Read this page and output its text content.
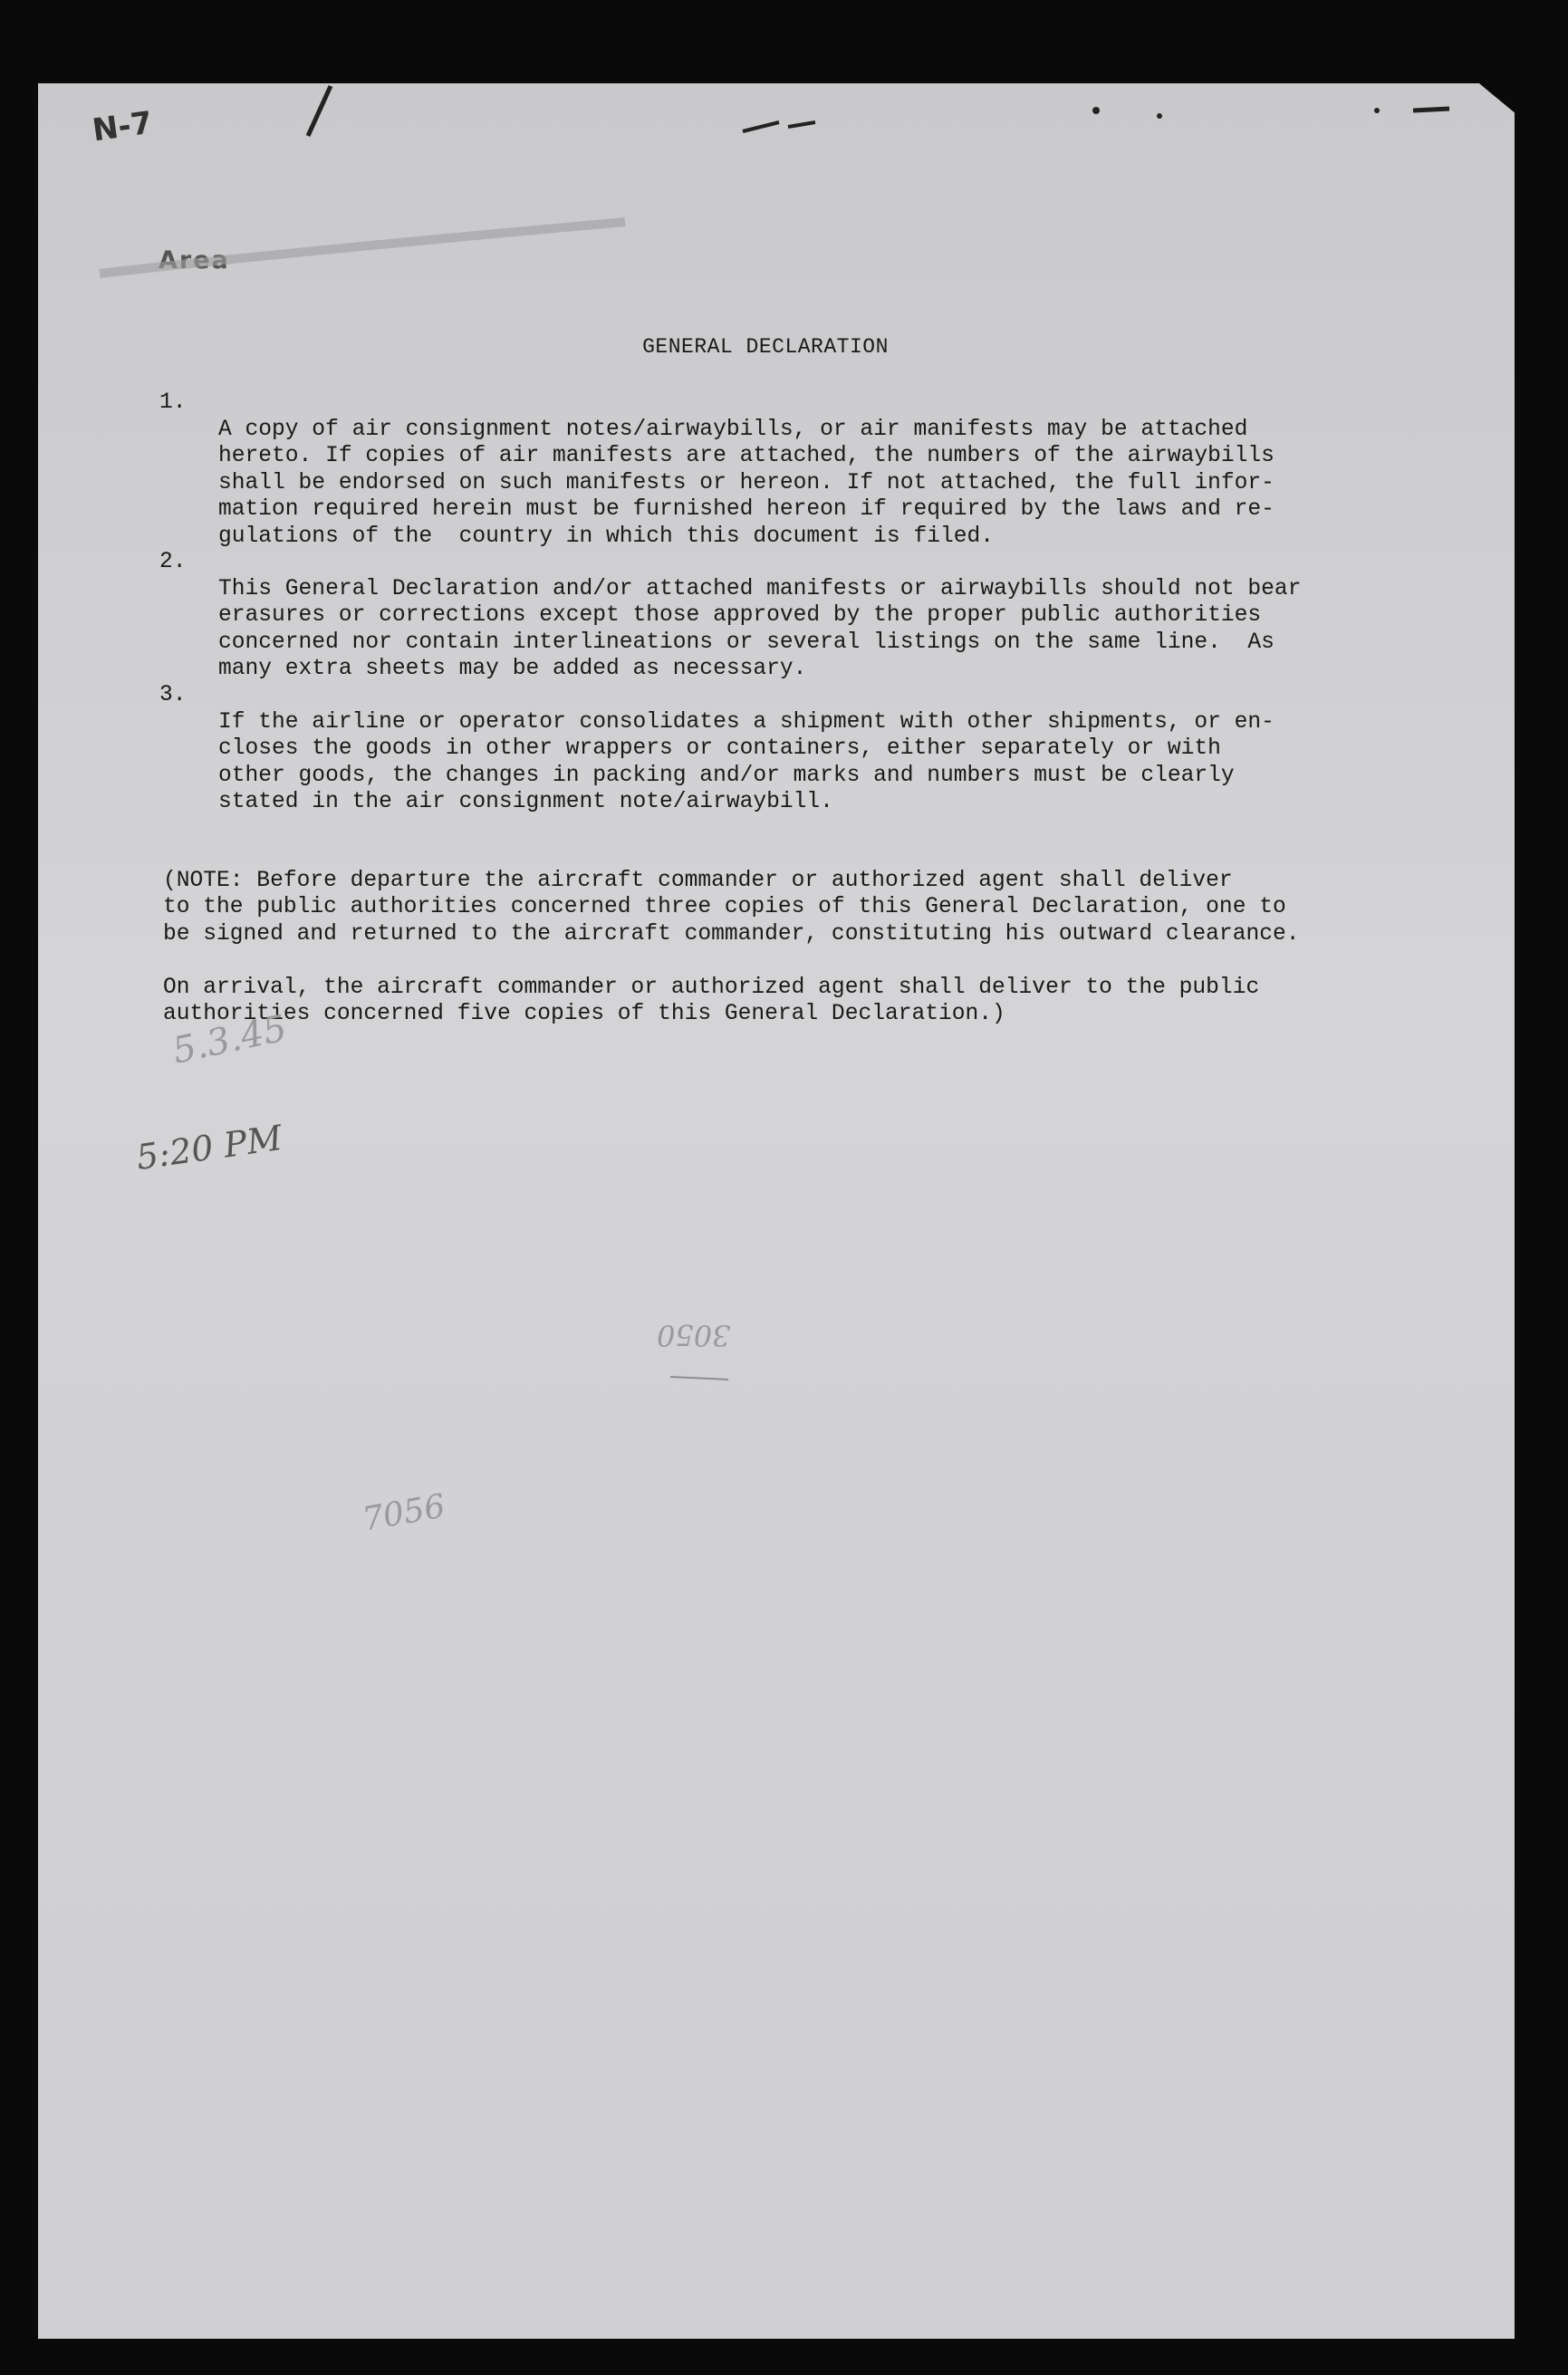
N-7
Area
GENERAL DECLARATION
1.

A copy of air consignment notes/airwaybills, or air manifests may be attached
hereto. If copies of air manifests are attached, the numbers of the airwaybills
shall be endorsed on such manifests or hereon. If not attached, the full infor-
mation required herein must be furnished hereon if required by the laws and re-
gulations of the  country in which this document is filed.
2.

This General Declaration and/or attached manifests or airwaybills should not bear
erasures or corrections except those approved by the proper public authorities
concerned nor contain interlineations or several listings on the same line.  As
many extra sheets may be added as necessary.
3.

If the airline or operator consolidates a shipment with other shipments, or en-
closes the goods in other wrappers or containers, either separately or with
other goods, the changes in packing and/or marks and numbers must be clearly
stated in the air consignment note/airwaybill.

(NOTE: Before departure the aircraft commander or authorized agent shall deliver
to the public authorities concerned three copies of this General Declaration, one to
be signed and returned to the aircraft commander, constituting his outward clearance.

On arrival, the aircraft commander or authorized agent shall deliver to the public
authorities concerned five copies of this General Declaration.)
5.3.45
5:20 PM
3050
7056
